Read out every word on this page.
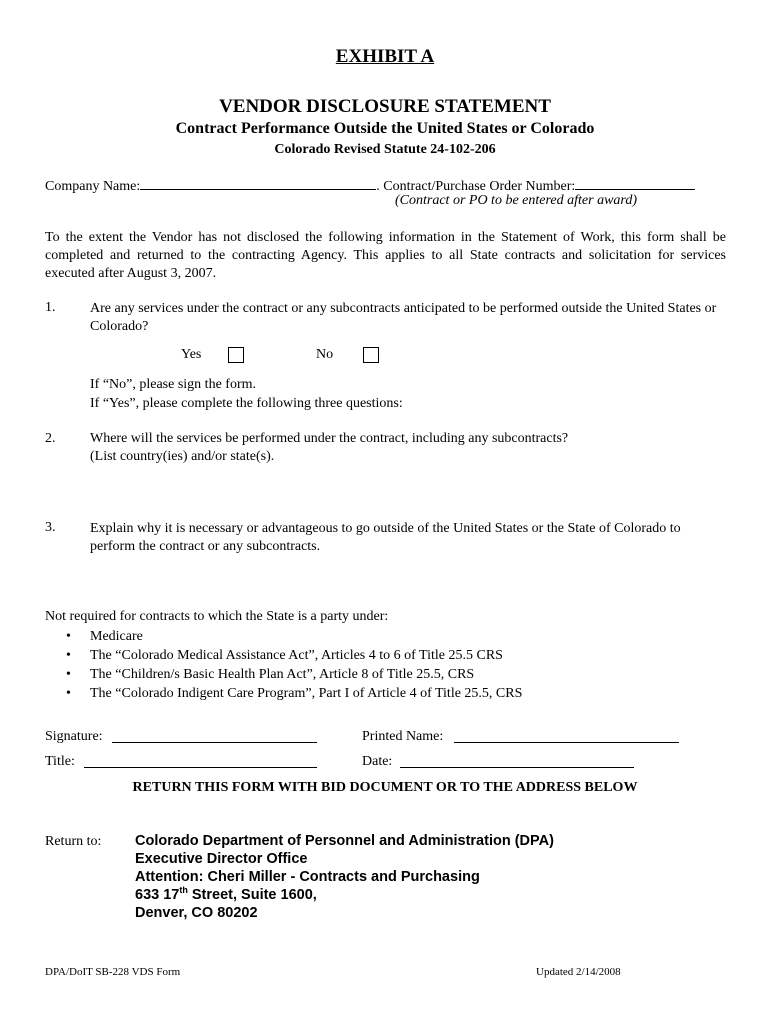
EXHIBIT A
VENDOR DISCLOSURE STATEMENT
Contract Performance Outside the United States or Colorado
Colorado Revised Statute 24-102-206
Company Name:	. Contract/Purchase Order Number:
(Contract or PO to be entered after award)
To the extent the Vendor has not disclosed the following information in the Statement of Work, this form shall be completed and returned to the contracting Agency. This applies to all State contracts and solicitation for services executed after August 3, 2007.
1. Are any services under the contract or any subcontracts anticipated to be performed outside the United States or Colorado?
Yes	No
If “No”, please sign the form.
If “Yes”, please complete the following three questions:
2. Where will the services be performed under the contract, including any subcontracts?
(List country(ies) and/or state(s).
3. Explain why it is necessary or advantageous to go outside of the United States or the State of Colorado to perform the contract or any subcontracts.
Not required for contracts to which the State is a party under:
• Medicare
• The “Colorado Medical Assistance Act”, Articles 4 to 6 of Title 25.5 CRS
• The “Children/s Basic Health Plan Act”, Article 8 of Title 25.5, CRS
• The “Colorado Indigent Care Program”, Part I of Article 4 of Title 25.5, CRS
Signature:	Printed Name:
Title:	Date:
RETURN THIS FORM WITH BID DOCUMENT OR TO THE ADDRESS BELOW
Return to: Colorado Department of Personnel and Administration (DPA)
Executive Director Office
Attention: Cheri Miller - Contracts and Purchasing
633 17th Street, Suite 1600,
Denver, CO 80202
DPA/DoIT SB-228 VDS Form	Updated 2/14/2008
